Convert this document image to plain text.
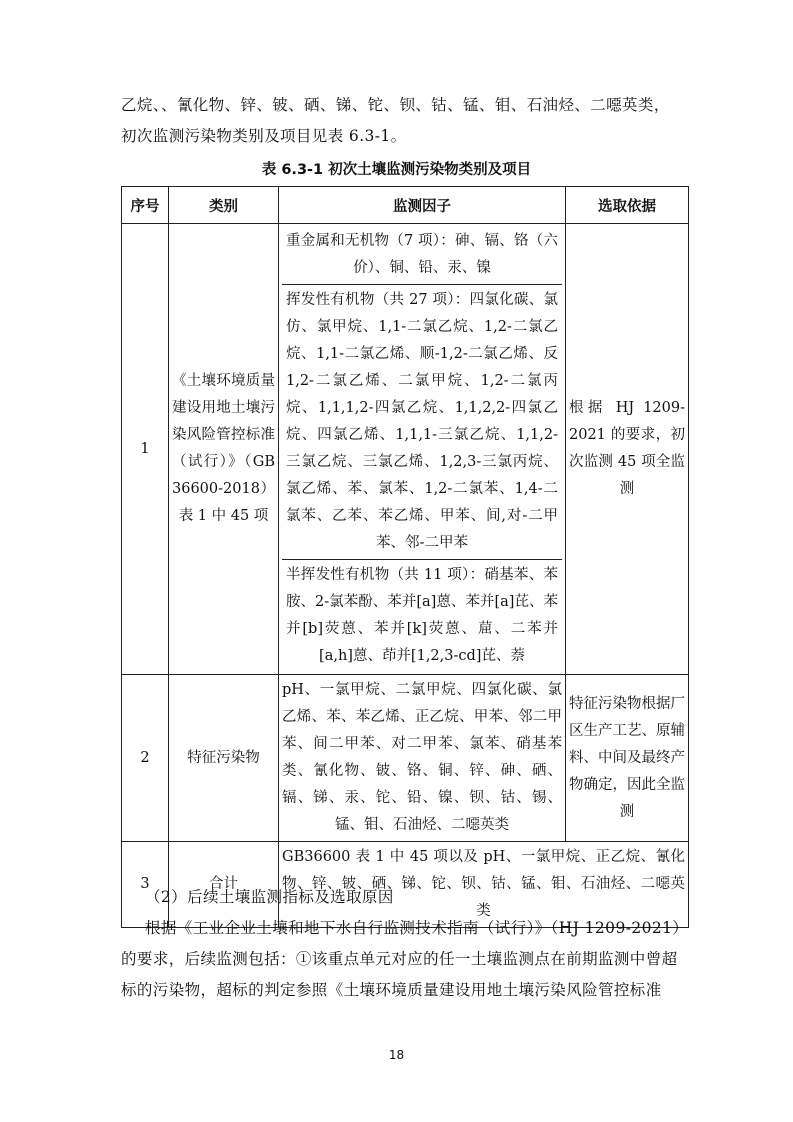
乙烷、、氰化物、锌、铍、硒、锑、铊、钡、钴、锰、钼、石油烃、二噁英类，
初次监测污染物类别及项目见表 6.3-1。

表 6.3-1 初次土壤监测污染物类别及项目
序号	类别	监测因子	选取依据
1	《土壤环境质量建设用地土壤污染风险管控标准（试行）》（GB 36600-2018）表 1 中 45 项	重金属和无机物（7 项）：砷、镉、铬（六价）、铜、铅、汞、镍
挥发性有机物（共 27 项）：四氯化碳、氯仿、氯甲烷、1,1-二氯乙烷、1,2-二氯乙烷、1,1-二氯乙烯、顺-1,2-二氯乙烯、反 1,2-二氯乙烯、二氯甲烷、1,2-二氯丙烷、1,1,1,2-四氯乙烷、1,1,2,2-四氯乙烷、四氯乙烯、1,1,1-三氯乙烷、1,1,2-三氯乙烷、三氯乙烯、1,2,3-三氯丙烷、氯乙烯、苯、氯苯、1,2-二氯苯、1,4-二氯苯、乙苯、苯乙烯、甲苯、间,对-二甲苯、邻-二甲苯
半挥发性有机物（共 11 项）：硝基苯、苯胺、2-氯苯酚、苯并[a]蒽、苯并[a]芘、苯并[b]荧蒽、苯并[k]荧蒽、䓛、二苯并[a,h]蒽、茚并[1,2,3-cd]芘、萘	根据 HJ 1209-2021 的要求，初次监测 45 项全监测
2	特征污染物	pH、一氯甲烷、二氯甲烷、四氯化碳、氯乙烯、苯、苯乙烯、正乙烷、甲苯、邻二甲苯、间二甲苯、对二甲苯、氯苯、硝基苯类、氰化物、铍、铬、铜、锌、砷、硒、镉、锑、汞、铊、铅、镍、钡、钴、锡、锰、钼、石油烃、二噁英类	特征污染物根据厂区生产工艺、原辅料、中间及最终产物确定，因此全监测
3	合计	GB36600 表 1 中 45 项以及 pH、一氯甲烷、正乙烷、氰化物、锌、铍、硒、锑、铊、钡、钴、锰、钼、石油烃、二噁英类	

（2）后续土壤监测指标及选取原因

根据《工业企业土壤和地下水自行监测技术指南（试行）》（HJ 1209-2021）的要求，后续监测包括：①该重点单元对应的任一土壤监测点在前期监测中曾超标的污染物，超标的判定参照《土壤环境质量建设用地土壤污染风险管控标准

18
